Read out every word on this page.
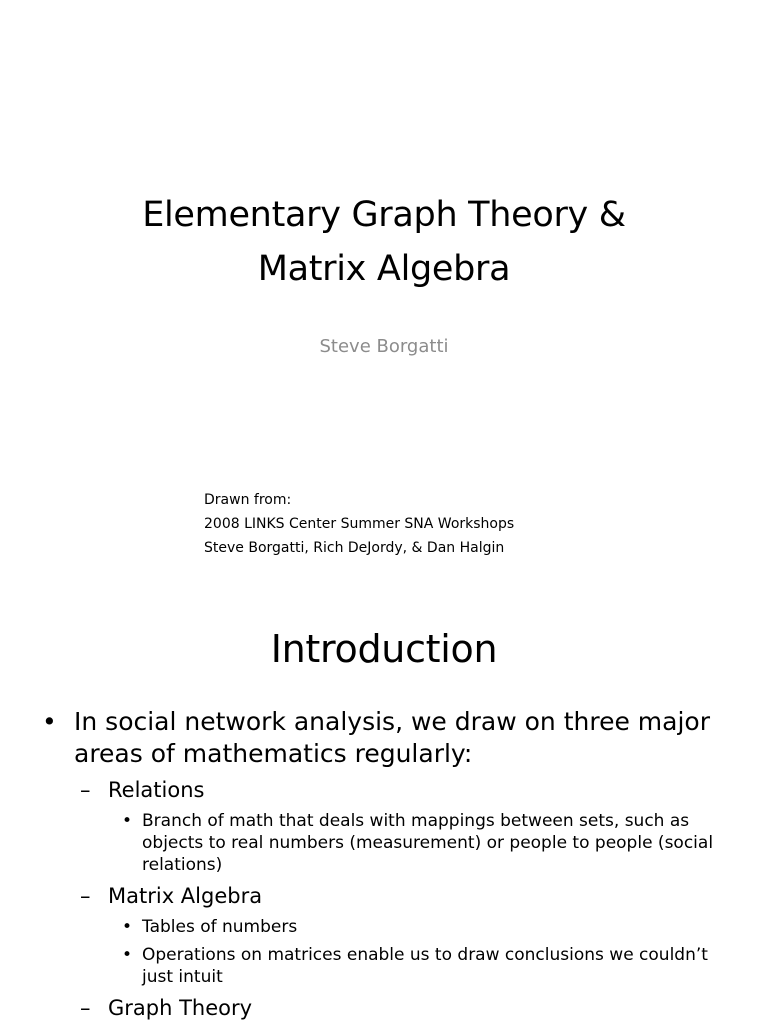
Elementary Graph Theory &
Matrix Algebra
Steve Borgatti
Drawn from:
2008 LINKS Center Summer SNA Workshops
Steve Borgatti, Rich DeJordy, & Dan Halgin
Introduction
• In social network analysis, we draw on three major areas of mathematics regularly:
– Relations
• Branch of math that deals with mappings between sets, such as objects to real numbers (measurement) or people to people (social relations)
– Matrix Algebra
• Tables of numbers
• Operations on matrices enable us to draw conclusions we couldn’t just intuit
– Graph Theory
